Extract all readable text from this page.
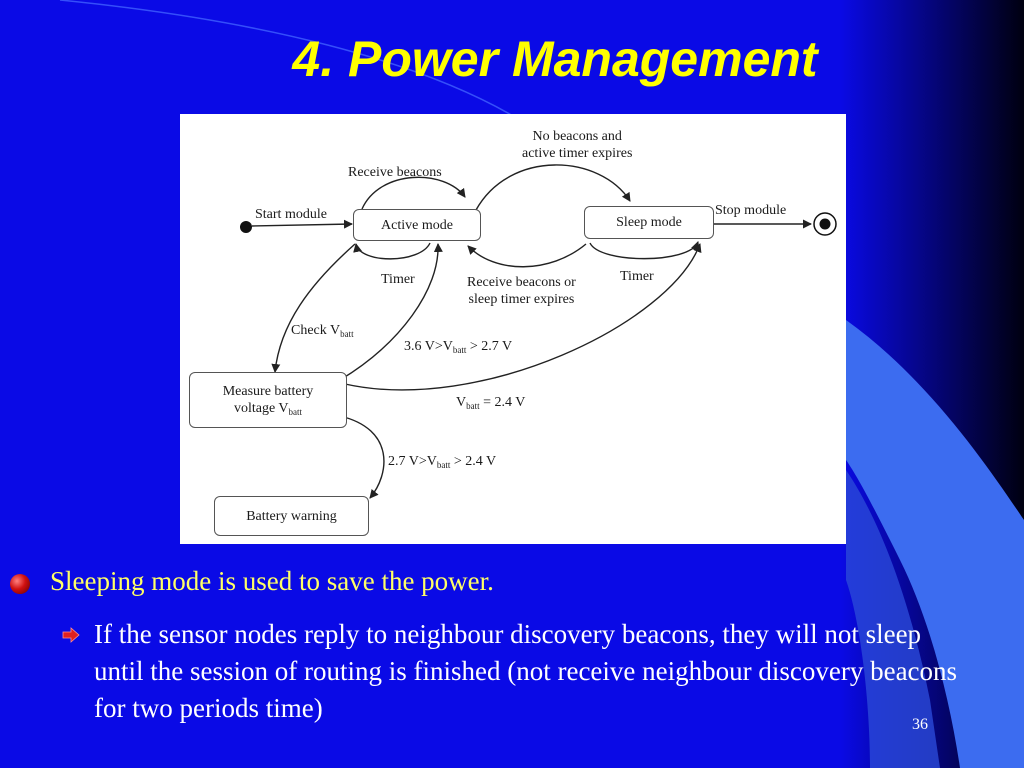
4. Power Management
Active mode	Sleep mode
Measure battery
voltage $V_{batt}$
Battery warning
Start module
Receive beacons
No beacons and
active timer expires
Stop module
Timer	Receive beacons or
sleep timer expires
Timer
Check $V_{batt}$
3.6 $V>V_{batt} > 2.7$ V
$V_{batt} = 2.4$ V
2.7 $V>V_{batt} > 2.4$ V
Sleeping mode is used to save the power.
If the sensor nodes reply to neighbour discovery beacons, they will not sleep until the session of routing is finished (not receive neighbour discovery beacons for two periods time)
36
